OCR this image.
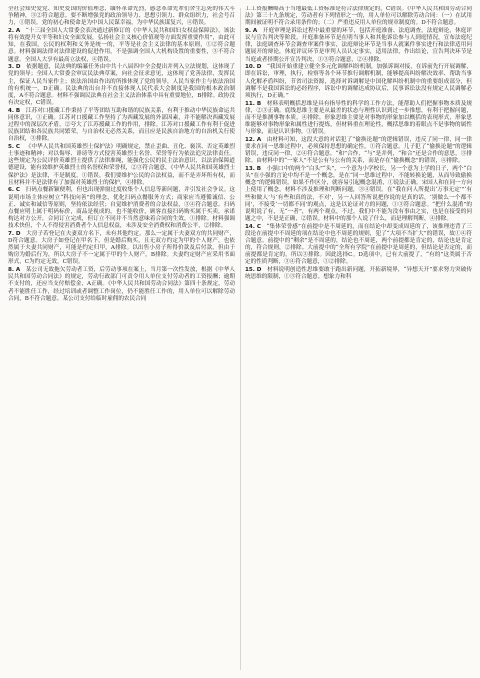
全社会知史爱党、知史爱国的价值理念，缅怀革命先烈，感念革命先辈们舍生忘死的伟大斗争精神，③②符合题意。要不断增强党的政治领导力、思想引领力、群众组织力，社会号召力，①错误。党的初心和使命是为中国人民谋幸福，为中华民族谋复兴，④错误。

2. A  “十三届全国人大常委会表决通过新修订的《中华人民共和国妇女权益保障法》，该法将有效提升女平等和妇女全面发展，弘扬社会主义核心价值观等方面发挥重要作用”，由此可知，在我国，公民的权利和义务是统一的，平等是社会主义法律的基本原则，①②符合题意。材料强调法律对法律建设的促进作用，不是强调全国人大机构设置的重要性，③不符合题意。全国人大享有最高立法权，④错误。

3. D  依据题意，民法典的编纂任务由中共十八届四中全会提出并列入立法规划，这体现了党的领导；全国人大常委会审议民法典草案，向社会征求意见，这体现了党善法律，发挥民主，保证人民当家作主；依法治国由作出的所推体现了党的领导，人民当家作主与依法治国的有机统一，D正确。民法典的出台并不直接体现人民代表大会制度是我国的根本政治制度，A不符合题意。材料不强调民法典在社会主义法治体系中具有重要地位，B排除。政协没有决定权，C错误。

4. B  江苏对口援藏工作秉持了平等团结互助和谐的民族关系，有利于推动中华民族命运共同体意识，①正确。江苏对口援藏工作坚持了为西藏发展的外部因素，并不能解决西藏发展过程中的深层次矛盾，②夸大了江苏援藏工作的作用，排除。江苏对口援藏工作有利于促进民族团结和各民族共同繁荣，与自治权无必然关系，而且应是民族自治地方的自治机关行使自治权，③排除。

5. C  《中华人民共和国英雄烈士保护法》明确规定，禁止歪曲、丑化、亵渎、否定英雄烈士事迹和精神；对以侮辱、诽谤等方式侵害英雄烈士名誉、荣誉等行为依法追究法律责任。这些规定为公民评价英雄烈士提供了法律准绳，能强化公民的民主法治意识，以法治保障道德建设，能有效维护英雄烈士的名誉权和荣誉权，②③符合题意，《中华人民共和国英雄烈士保护法》是法律，不是制度，①错误。我们要维护公民的合法权益，而不是弄坏所有权，而且材料并不是法律有了加强对英雄烈士的保护，④排除。

6. C  扫码点餐新颖便利，但也出现弹窗过度收集个人信息等新问题，并引发社会争议。这说明市场主体应树立“科技向善”的理念，优化扫码点餐服务方式；商家应当遵循诚信、公正、诚实和诚信等原则，坚持依法经营；自觉维护消费者的合法权益，③④符合题意。扫码点餐应明上属于明码标价，商品是视成的，也不能收价，顾客直接扫码购买属于买卖，承诺构达对方公开，合同订立完成，但订立不同并不当然意味着合同的生效，①排除。材料强调技术快但，个人不得侵害消费者个人信息权益，未涉及安全消费权和消费公平，②排除。

7. D  大房子若登记在夫妻双方名下，未有其他约定，那么一定属于夫妻双方的共同财产，D符合题意。大房子如登记在甲名下，但是婚后购买，且无双方约定为甲的个人财产，也依然属于夫妻共同财产，可能是约定归甲，A排除。以出售小房子所得价款及后付款，但由于购房为婚后行为，所以大房子不一定属于甲的个人财产，B排除。夫妻约定财产应采用书面形式，C为约定无效，C错误。

8. A  某公司无故拖欠劳动者工资，后劳动事项在案上，当月第一次性发放，根据《中华人民共和国劳动合同法》的规定，劳动行政部门可责令用人单位支付劳动者的工资报酬；逾期不支付的，还应当支付赔偿金，A正确。《中华人民共和国劳动合同法》第四十条规定，劳动者不能胜任工作，经过培训或者调整工作岗位，仍不能胜任工作的，用人单位可以解除劳动合同，B不符合题意。某公司支付给临时雇佣的农民合同

工工资报酬略高于当地最低工资标准是符合法律规定的，C错误。《中华人民共和国劳动合同法》第三十九条规定，劳动者有下列情形之一的，用人单位可以解除劳动合同：（一）在试用期间被证明不符合录用条件的；（二）严重违反用人单位的规章制度的。D不符合题意。

9. A  开庭审理是诉讼过程中最重要的环节，包括开庭准备、法庭调查，法庭辩论，休庭评议与宣告判决等阶段。开庭准备环节是在明当事人和其他诉讼参与人到庭情况，宣布法庭纪律，法庭调查环节会调查审案件事实，法庭辩论环节是当事人就案件事实进行和法律适用问题展开的辩论，休庭评议环节是审判人员认定事实，适用法律，作出结论，宣告判决环节是当庭或者择期公开宣告判决，①③符合题意，②④排除。

10. D  “我国开始重建立健全多元化调解纠纷机制，加强诉调对接，在诉前先行开展调解，即在诉讼，审理，执行，检察等各个环节推行调解机制，能够提高纠纷解决效率、帮助当事人化解矛盾纠纷，节省司法资源，选择对诉调解是中国化解纠纷机制中的重要组成部分，但调解不是我国诉讼的必经程序，诉讼中的调解达成协议后，民事诉讼法没有规定人民调解必须执行，D正确。”

11. B  材料表明概括思维是具有指导性的科学的工作方法，能帮助人们把握事物本质及规律，②③正确。底线思维主要是从最差的状态与理性认识到过一步推想，有利于把握问题，而不是推测事物本质，④排除。形象思维主要是对事物的形象加以概括的表现形式，形象思维能够对事物形象和属性进行提炼，但材料重在理论性，概括思维的着眼点不是事物的属性与形象，而是认识事物，①错误。

12. A  由材料可知，这段大意的对话犯了“偷换论题”的逻辑错误，违反了同一律，同一律要求在同一思维过程中，必须保持思想的确定性，①符合题意。儿子犯了“偷换论题”的逻辑错误，违反同一律，②④符合题意。“和”合作，“与”是并列，“和合”还是合作的意思，③排除。由材料中的“一家人”不是公有与公有的关系，而是存在“偷换概念”的错误，④排除。

13. B  小强口中的两个“白头”“头”，一个意为小学校长，另一个意为上学的日子，两个“白头”在小强的言论中均不是一个概念，是在“同一思维过程中，不能转换论题，从而导致偷换概念”的逻辑错误。如果不作区分，就容易引起概念混淆，①说法正确。宋国人和在同一方向上使用了概念，材料不涉及推理和判断问题，③④错误。在“我在问人所提出‘万事无定’”‘有些和做人’与‘有些和真的法，不对’，另一人回答所说把你说的是真的话，‘别做么一个都不同’，不接受‘一切都不同’的观点，这是以论证对方的问题，①③符合题意。“把什么混淆”的说明说了有，无“一者”，有两个观点，不过，我们中不能为没有事由之实，也是在接受的问题之中，不是是正确，②错误。材料中的那个人说了什么，而是理解判断，④排除。

14. C  “集体荣誉感”在前提中是不周延的，而在结论中却变成周延的了，该推理违背了三段论在前提中不周延的项在结论中也不周延的规则，犯了“大项不当扩大”的错误，故①④符合题意。前提中的“剩余”是不周延的，结论也不周延，两个前提都是肯定的，结论也是肯定的，符合规则，②排除。大前提中的“全所有学院”在前提中是周延的，但结论是否定的，而前提都是肯定的，所以③排除。因此选择C。D选项中，已有大前提了，“有的”这类属于否定的性质判断，③④符合题意，①②排除。

15. D  材料说明创造性思维要敢于跑出新问题，开拓新境界，“异想天开”要求努力突破传统思维的限制，①③符合题意。想象力和科
